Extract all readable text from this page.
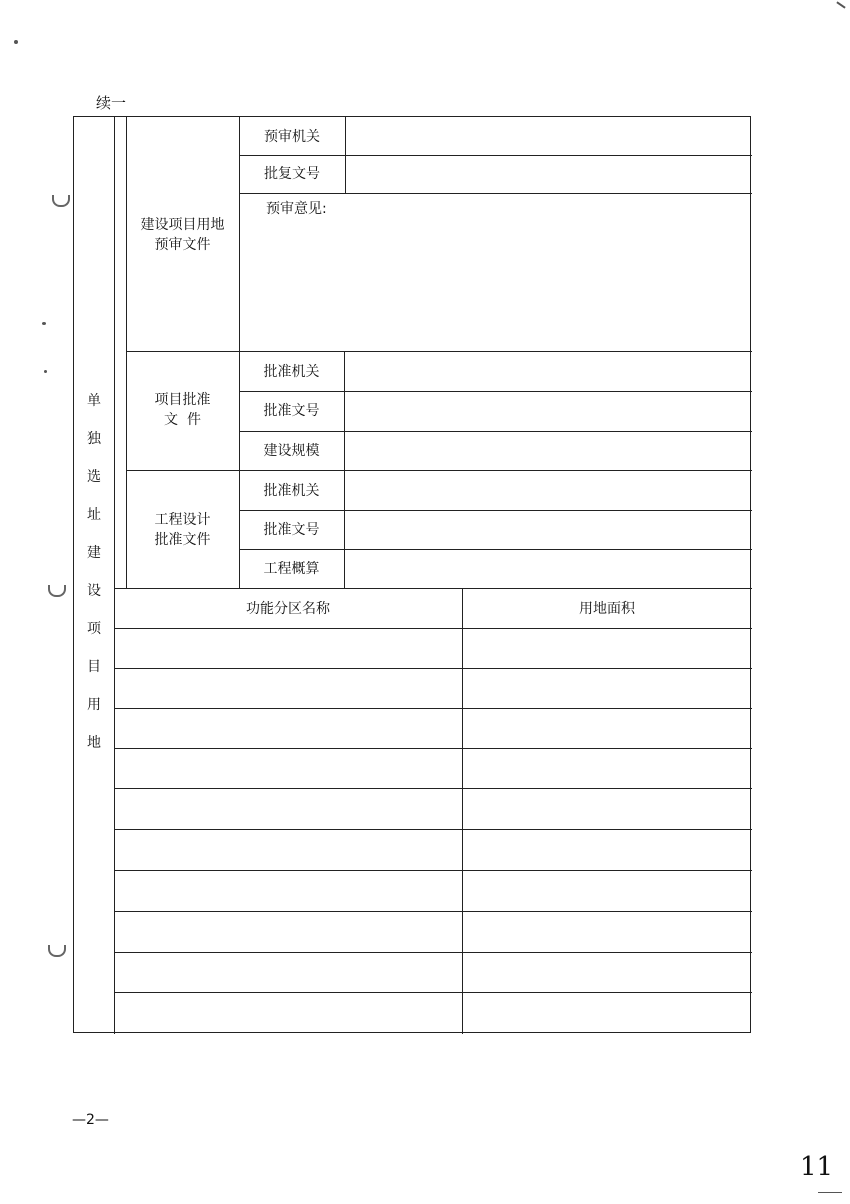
续一
单
独
选
址
建
设
项
目
用
地
建设项目用地
预审文件
预审机关
批复文号
预审意见:
项目批准
文  件
批准机关
批准文号
建设规模
工程设计
批准文件
批准机关
批准文号
工程概算
功能分区名称	用地面积
—2—
11
